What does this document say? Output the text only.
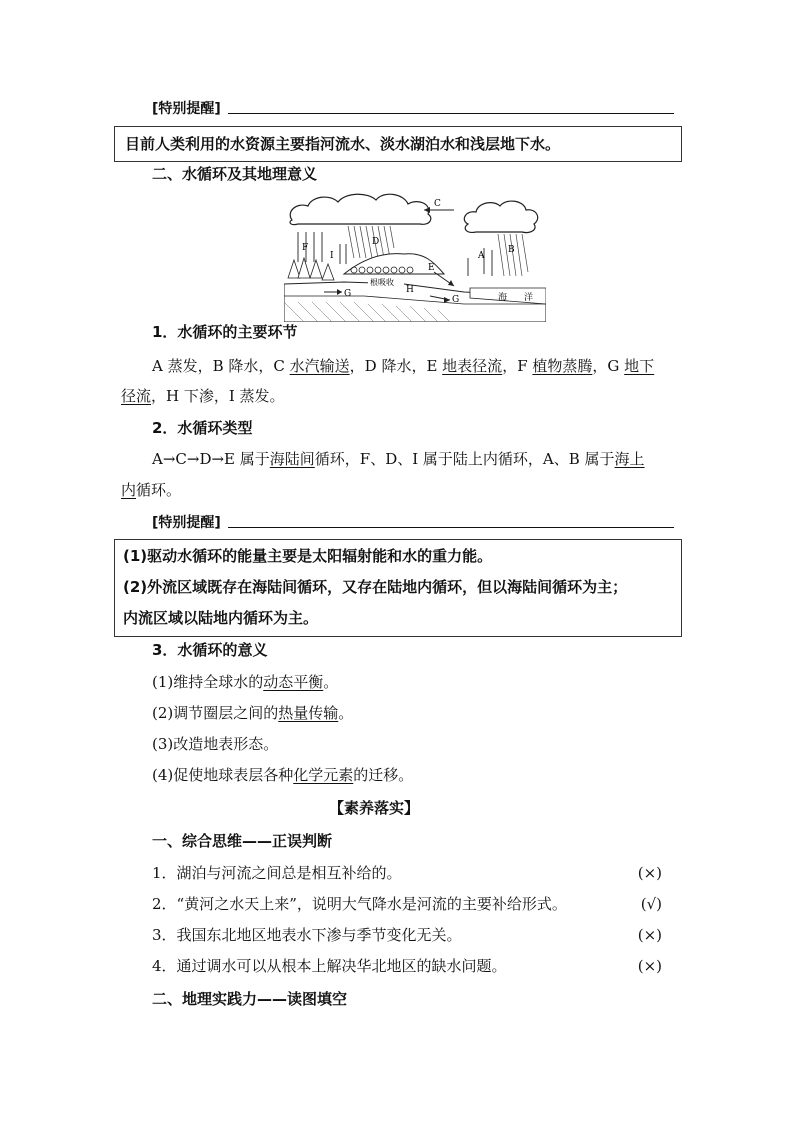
[特别提醒]
目前人类利用的水资源主要指河流水、淡水湖泊水和浅层地下水。
二、水循环及其地理意义
C
D
B
A
F
I
E
G
G
根吸收
H
海 洋
1．水循环的主要环节
A 蒸发，B 降水，C 水汽输送，D 降水，E 地表径流，F 植物蒸腾，G 地下
径流，H 下渗，I 蒸发。
2．水循环类型
A→C→D→E 属于海陆间循环，F、D、I 属于陆上内循环，A、B 属于海上
内循环。
[特别提醒]
(1)驱动水循环的能量主要是太阳辐射能和水的重力能。
(2)外流区域既存在海陆间循环，又存在陆地内循环，但以海陆间循环为主；
内流区域以陆地内循环为主。
3．水循环的意义
(1)维持全球水的动态平衡。
(2)调节圈层之间的热量传输。
(3)改造地表形态。
(4)促使地球表层各种化学元素的迁移。
【素养落实】
一、综合思维——正误判断
1．湖泊与河流之间总是相互补给的。	(×)
2．“黄河之水天上来”，说明大气降水是河流的主要补给形式。	(√)
3．我国东北地区地表水下渗与季节变化无关。	(×)
4．通过调水可以从根本上解决华北地区的缺水问题。	(×)
二、地理实践力——读图填空
